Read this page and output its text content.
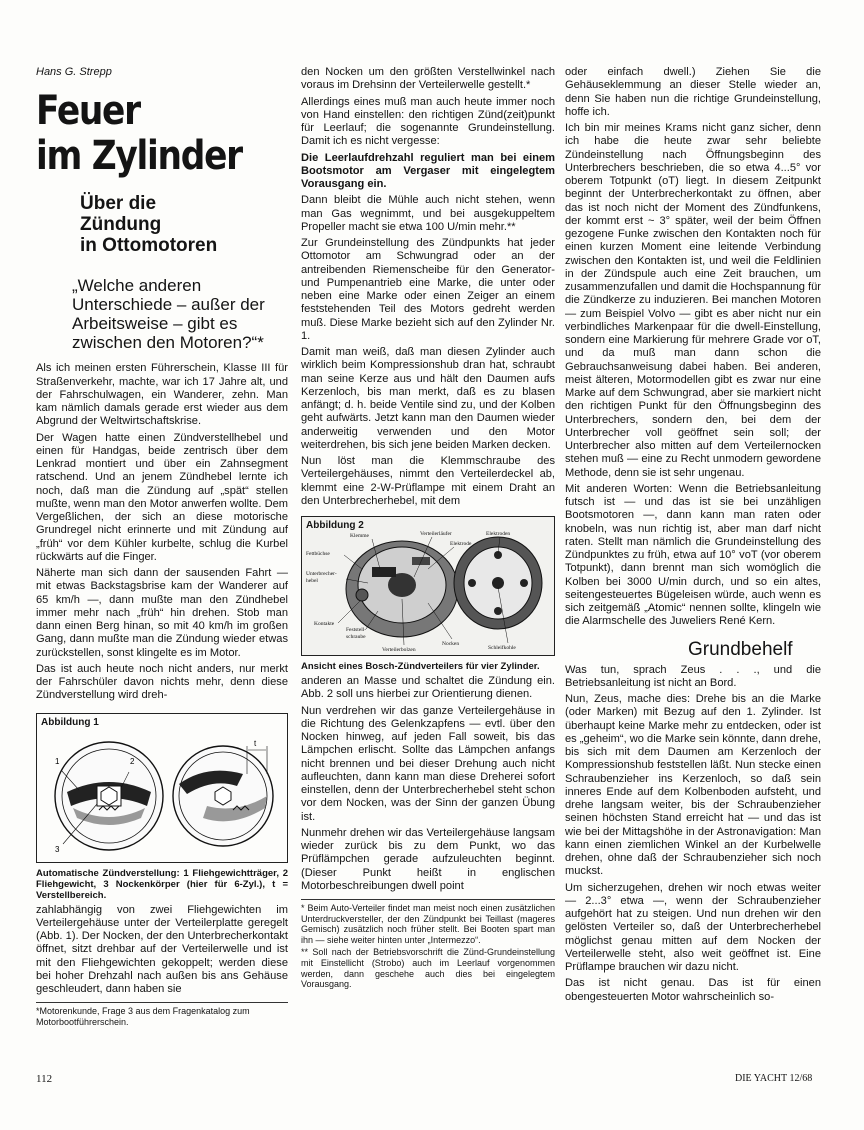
Hans G. Strepp
Feuer
im Zylinder
Über die
Zündung
in Ottomotoren
„Welche anderen Unterschiede – außer der Arbeitsweise – gibt es zwischen den Motoren?“*

Als ich meinen ersten Führerschein, Klasse III für Straßenverkehr, machte, war ich 17 Jahre alt, und der Fahrschulwagen, ein Wanderer, zehn. Man kam nämlich damals gerade erst wieder aus dem Abgrund der Weltwirtschaftskrise.

Der Wagen hatte einen Zündverstellhebel und einen für Handgas, beide zentrisch über dem Lenkrad montiert und über ein Zahnsegment ratschend. Und an jenem Zündhebel lernte ich noch, daß man die Zündung auf „spät“ stellen mußte, wenn man den Motor anwerfen wollte. Dem Vergeßlichen, der sich an diese motorische Grundregel nicht erinnerte und mit Zündung auf „früh“ vor dem Kühler kurbelte, schlug die Kurbel rückwärts auf die Finger.

Näherte man sich dann der sausenden Fahrt — mit etwas Backstagsbrise kam der Wanderer auf 65 km/h —, dann mußte man den Zündhebel immer mehr nach „früh“ hin drehen. Stob man dann einen Berg hinan, so mit 40 km/h im großen Gang, dann mußte man die Zündung wieder etwas zurückstellen, sonst klingelte es im Motor.

Das ist auch heute noch nicht anders, nur merkt der Fahrschüler davon nichts mehr, denn diese Zündverstellung wird dreh-

Abbildung 1
1	2
3
t

Automatische Zündverstellung: 1 Fliehgewichtträger, 2 Fliehgewicht, 3 Nockenkörper (hier für 6-Zyl.), t = Verstellbereich.

zahlabhängig von zwei Fliehgewichten im Verteilergehäuse unter der Verteilerplatte geregelt (Abb. 1). Der Nocken, der den Unterbrecherkontakt öffnet, sitzt drehbar auf der Verteilerwelle und ist mit den Fliehgewichten gekoppelt; werden diese bei hoher Drehzahl nach außen bis ans Gehäuse geschleudert, dann haben sie

*Motorenkunde, Frage 3 aus dem Fragenkatalog zum Motorbootführerschein.

den Nocken um den größten Verstellwinkel nach voraus im Drehsinn der Verteilerwelle gestellt.*

Allerdings eines muß man auch heute immer noch von Hand einstellen: den richtigen Zünd(zeit)punkt für Leerlauf; die sogenannte Grundeinstellung. Damit ich es nicht vergesse:

Die Leerlaufdrehzahl reguliert man bei einem Bootsmotor am Vergaser mit eingelegtem Vorausgang ein.

Dann bleibt die Mühle auch nicht stehen, wenn man Gas wegnimmt, und bei ausgekuppeltem Propeller macht sie etwa 100 U/min mehr.**

Zur Grundeinstellung des Zündpunkts hat jeder Ottomotor am Schwungrad oder an der antreibenden Riemenscheibe für den Generator- und Pumpenantrieb eine Marke, die unter oder neben eine Marke oder einen Zeiger an einem feststehenden Teil des Motors gedreht werden muß. Diese Marke bezieht sich auf den Zylinder Nr. 1.

Damit man weiß, daß man diesen Zylinder auch wirklich beim Kompressionshub dran hat, schraubt man seine Kerze aus und hält den Daumen aufs Kerzenloch, bis man merkt, daß es zu blasen anfängt; d. h. beide Ventile sind zu, und der Kolben geht aufwärts. Jetzt kann man den Daumen wieder anderweitig verwenden und den Motor weiterdrehen, bis sich jene beiden Marken decken.

Nun löst man die Klemmschraube des Verteilergehäuses, nimmt den Verteilerdeckel ab, klemmt eine 2-W-Prüflampe mit einem Draht an den Unterbrecherhebel, mit dem

Abbildung 2
Klemme	Verteilerläufer	Elektroden
Elektrode
Fettbüchse
Unterbrecher-
hebel
Kontakte
Feststell-
schraube
Verteilerbolzen
Nocken
Schleifkohle

Ansicht eines Bosch-Zündverteilers für vier Zylinder.

anderen an Masse und schaltet die Zündung ein. Abb. 2 soll uns hierbei zur Orientierung dienen.

Nun verdrehen wir das ganze Verteilergehäuse in die Richtung des Gelenkzapfens — evtl. über den Nocken hinweg, auf jeden Fall soweit, bis das Lämpchen erlischt. Sollte das Lämpchen anfangs nicht brennen und bei dieser Drehung auch nicht aufleuchten, dann kann man diese Dreherei sofort einstellen, denn der Unterbrecherhebel steht schon vor dem Nocken, was der Sinn der ganzen Übung ist.

Nunmehr drehen wir das Verteilergehäuse langsam wieder zurück bis zu dem Punkt, wo das Prüflämpchen gerade aufzuleuchten beginnt. (Dieser Punkt heißt in englischen Motorbeschreibungen dwell point

* Beim Auto-Verteiler findet man meist noch einen zusätzlichen Unterdruckversteller, der den Zündpunkt bei Teillast (mageres Gemisch) zusätzlich noch früher stellt. Bei Booten spart man ihn — siehe weiter hinten unter „Intermezzo“.

** Soll nach der Betriebsvorschrift die Zünd-Grundeinstellung mit Einstellicht (Strobo) auch im Leerlauf vorgenommen werden, dann geschehe auch dies bei eingelegtem Vorausgang.

oder einfach dwell.) Ziehen Sie die Gehäuseklemmung an dieser Stelle wieder an, denn Sie haben nun die richtige Grundeinstellung, hoffe ich.

Ich bin mir meines Krams nicht ganz sicher, denn ich habe die heute zwar sehr beliebte Zündeinstellung nach Öffnungsbeginn des Unterbrechers beschrieben, die so etwa 4...5° vor oberem Totpunkt (oT) liegt. In diesem Zeitpunkt beginnt der Unterbrecherkontakt zu öffnen, aber das ist noch nicht der Moment des Zündfunkens, der kommt erst ~ 3° später, weil der beim Öffnen gezogene Funke zwischen den Kontakten noch für einen kurzen Moment eine leitende Verbindung zwischen den Kontakten ist, und weil die Feldlinien in der Zündspule auch eine Zeit brauchen, um zusammenzufallen und damit die Hochspannung für die Zündkerze zu induzieren. Bei manchen Motoren — zum Beispiel Volvo — gibt es aber nicht nur ein verbindliches Markenpaar für die dwell-Einstellung, sondern eine Markierung für mehrere Grade vor oT, und da muß man dann schon die Gebrauchsanweisung dabei haben. Bei anderen, meist älteren, Motormodellen gibt es zwar nur eine Marke auf dem Schwungrad, aber sie markiert nicht den richtigen Punkt für den Öffnungsbeginn des Unterbrechers, sondern den, bei dem der Unterbrecher voll geöffnet sein soll; der Unterbrecher also mitten auf dem Verteilernocken stehen muß — eine zu Recht unmodern gewordene Methode, denn sie ist sehr ungenau.

Mit anderen Worten: Wenn die Betriebsanleitung futsch ist — und das ist sie bei unzähligen Bootsmotoren —, dann kann man raten oder knobeln, was nun richtig ist, aber man darf nicht raten. Stellt man nämlich die Grundeinstellung des Zündpunktes zu früh, etwa auf 10° voT (vor oberem Totpunkt), dann brennt man sich womöglich die Kolben bei 3000 U/min durch, und so ein altes, seitengesteuertes Bügeleisen würde, auch wenn es sich zeitgemäß „Atomic“ nennen sollte, klingeln wie die Alarmschelle des Juweliers René Kern.

Grundbehelf

Was tun, sprach Zeus . . ., und die Betriebsanleitung ist nicht an Bord.

Nun, Zeus, mache dies: Drehe bis an die Marke (oder Marken) mit Bezug auf den 1. Zylinder. Ist überhaupt keine Marke mehr zu entdecken, oder ist es „geheim“, wo die Marke sein könnte, dann drehe, bis sich mit dem Daumen am Kerzenloch der Kompressionshub feststellen läßt. Nun stecke einen Schraubenzieher ins Kerzenloch, so daß sein inneres Ende auf dem Kolbenboden aufsteht, und drehe langsam weiter, bis der Schraubenzieher seinen höchsten Stand erreicht hat — und das ist wie bei der Mittagshöhe in der Astronavigation: Man kann einen ziemlichen Winkel an der Kurbelwelle drehen, ohne daß der Schraubenzieher sich noch muckst.

Um sicherzugehen, drehen wir noch etwas weiter — 2...3° etwa —, wenn der Schraubenzieher aufgehört hat zu steigen. Und nun drehen wir den gelösten Verteiler so, daß der Unterbrecherhebel möglichst genau mitten auf dem Nocken der Verteilerwelle steht, also weit geöffnet ist. Eine Prüflampe brauchen wir dazu nicht.

Das ist nicht genau. Das ist für einen obengesteuerten Motor wahrscheinlich so-

112	DIE YACHT 12/68
